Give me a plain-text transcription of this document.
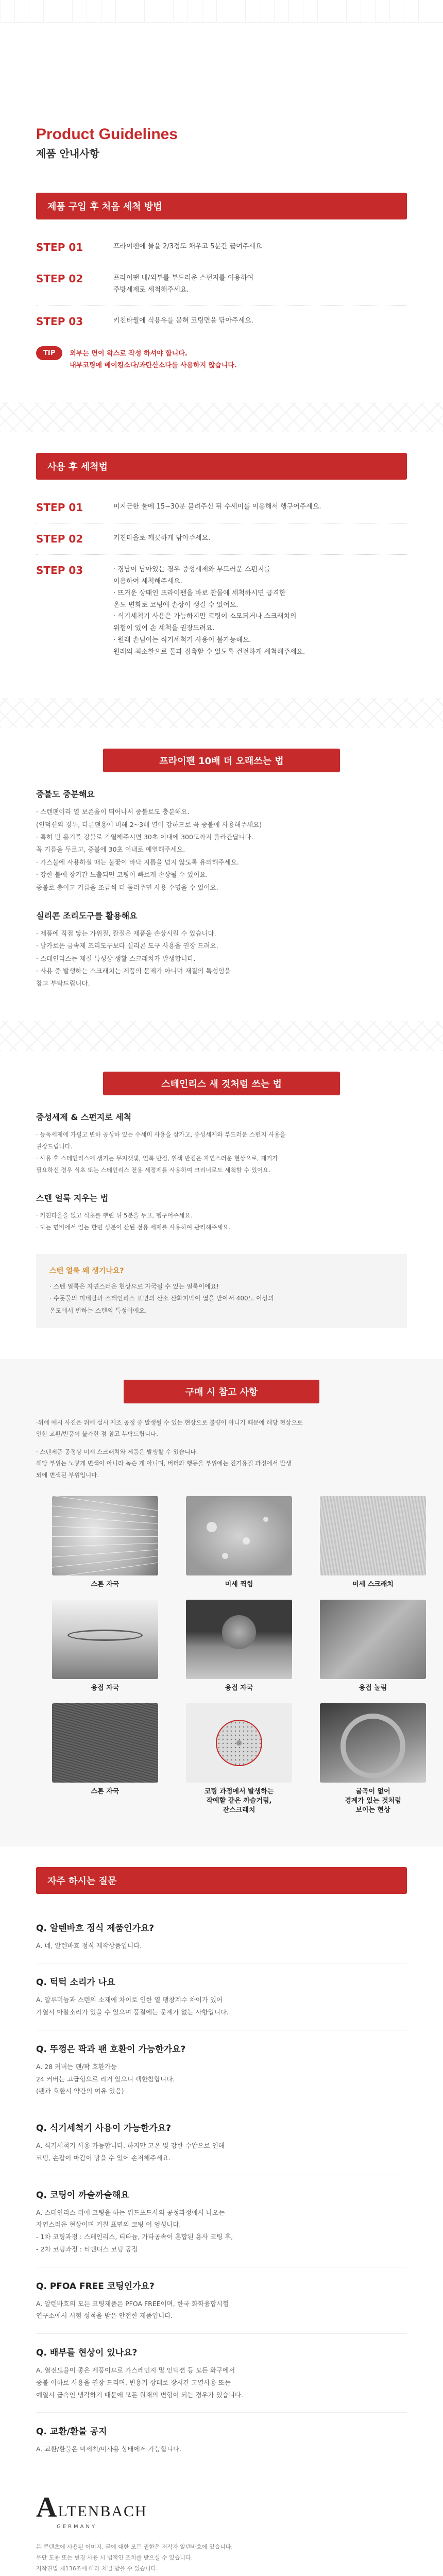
Product Guidelines
제품 안내사항
제품 구입 후 처음 세척 방법
STEP 01	프라이팬에 물을 2/3정도 채우고 5분간 끓여주세요

STEP 02	프라이팬 내/외부를 부드러운 스펀지를 이용하여

주방세제로 세척해주세요.

STEP 03	키친타월에 식용유를 묻혀 코팅면을 닦아주세요.

TIP	외부는 면이 왁스로 작성 하셔야 합니다.

내부코팅에 베이킹소다/과탄산소다를 사용하지 않습니다.

사용 후 세척법
STEP 01	미지근한 물에 15~30분 불려주신 뒤 수세미를 이용해서 헹구어주세요.

STEP 02	키친타올로 깨끗하게 닦아주세요.

STEP 03	· 경남이 남아있는 경우 중성세제와 부드러운 스펀지를

이용하여 세척해주세요.

· 뜨거운 상태인 프라이팬을 바로 찬물에 세척하시면 급격한

온도 변화로 코팅에 손상이 생길 수 있어요.

· 식기세척기 사용은 가능하지만 코팅이 소모되거나 스크래치의

위험이 있어 손 세척을 권장드려요.

· 원래 손님이는 식기세척기 사용이 불가능해요.

원래의 최소한으로 물과 접촉할 수 있도록 건전하게 세척해주세요.

프라이팬 10배 더 오래쓰는 법
중불도 중분해요

· 스텐팬이라 열 보존율이 뛰어나서 중불로도 충분해요.

(인덕션의 경우, 다른팬용에 비해 2~3배 열이 강하므로 꼭 중불에 사용해주세요)

· 특히 빈 용기를 강불로 가열해주시면 30초 이내에 300도까지 올라간답니다.

꼭 기름을 두르고, 중불에 30초 이내로 예열해주세요.

· 가스불에 사용하실 때는 불꽃이 바닥 지름을 넘지 않도록 유의해주세요.

· 강한 불에 장기간 노출되면 코팅이 빠르게 손상될 수 있어요.

중불로 충이고 기름을 조금씩 더 둘러주면 사용 수명을 수 있어요.

실리콘 조리도구를 활용해요

· 제품에 직접 닿는 가위질, 칼질은 제품을 손상시킬 수 있습니다.

· 날카로운 금속제 조리도구보다 실리콘 도구 사용을 권장 드려요.

· 스테인리스는 제질 특성상 생활 스크래치가 발생합니다.

· 사용 중 발생하는 스크래치는 제품의 문제가 아니며 재질의 특성임을

참고 부탁드립니다.

스테인리스 새 것처럼 쓰는 법
중성세제 & 스펀지로 세척

· 능독세제에 가필고 변하 공성하 있는 수세미 사용을 삼가고, 중성세제와 부드러운 스펀지 사용을

권장드립니다.

· 사용 후 스테인리스에 생기는 무지갯빛, 얼룩 반점, 흰색 반점은 자연스러운 현상으로, 제거가

필요하신 경우 식초 또는 스테인리스 전용 세정제를 사용하여 크리너로도 세척할 수 있어요.

스텐 얼룩 지우는 법

· 키친타올을 얹고 식초를 뿌린 뒤 5분을 두고, 헹구어주세요.

· 또는 면비에서 얼는 한번 성분이 산된 전용 세제를 사용하여 관리해주세요.

스텐 얼룩 왜 생기나요?

· 스텐 얼룩은 자연스러운 현상으로 자국될 수 있는 얼룩이에요!

· 수돗물의 미네랄과 스테인리스 표면의 산소 산화피막이 열을 받아서 400도 이상의

온도에서 변하는 스텐의 특성이에요.

구매 시 참고 사항

·위에 예시 사진은 위에 설시 제조 공정 중 발생될 수 있는 현상으로 불량이 아니기 때문에 해당 현상으로

인한 교환/반품이 불가한 점 참고 부탁드립니다.

· 스텐제품 공정상 미세 스크래치와 제품은 발생할 수 있습니다.

해당 부위는 노랗게 변색이 아니라 녹슨 게 아니며, 버터와 행동을 부위에는 진기용절 과정에서 발생

되에 변색된 부위입니다.

스톤 자국	미세 찍힘	미세 스크래치
용접 자국	용접 자국	용접 눌림
스톤 자국	코팅 과정에서 발생하는
작예할 같은 까슬거림,
잔스크래치
굴곡이 없어
경계가 있는 것처럼
보이는 현상
자주 하시는 질문
Q. 알텐바흐 정식 제품인가요?

A. 네, 알텐바흐 정식 제작상품입니다.

Q. 턱턱 소리가 나요

A. 알루미늄과 스텐의 소재에 차이로 인한 열 팽창계수 차이가 있어

가열시 마찰소리가 있을 수 있으며 품질에는 문제가 없는 사항입니다.

Q. 뚜껑은 팍과 팬 호환이 가능한가요?

A. 28 커버는 팬/팍 호환가능

24 커버는 고급형으로 리거 있으니 팩한참합니다.

(팬과 호환시 약간의 여유 있음)

Q. 식기세척기 사용이 가능한가요?

A. 식기세척기 사용 가능합니다. 하지만 고온 및 강한 수압으로 인해

코팅, 손잡이 마감이 망을 수 있어 손저해주세요.

Q. 코팅이 까슬까슬해요

A. 스테인리스 위에 코팅을 하는 위드포드사의 공정과정에서 나오는

자연스러운 현상이며 거칠 표면의 코팅 어 엉성니다.

- 1차 코팅과정 : 스테인리스, 티타늄, 가타공속이 혼합된 용사 코팅 후,

- 2차 코팅과정 : 티엔디스 코팅 공정

Q. PFOA FREE 코팅인가요?

A. 알텐바흐의 모든 코팅제품은 PFOA FREE이며, 한국 화학융합시험

연구소에서 시험 성적을 받은 안전한 제품입니다.

Q. 배부를 현상이 있나요?

A. 열전도율이 좋은 제품이므로 가스레인지 및 인덕션 등 모든 화구에서

중불 이하로 사용을 권장 드리며, 빈용기 상태로 장시간 고열사용 또는

예열시 급속인 냉각하기 때문에 모든 원재의 변형이 되는 경우가 있습니다.

Q. 교환/환불 공지

A. 교환/환불은 미세척/미사용 상태에서 가능합니다.

A LTENBACH
GERMANY

본 콘텐츠에 사용된 이미지, 글에 대한 모든 권한은 저작자 알텐바흐에 있습니다.

무단 도용 또는 변경 사용 시 법적인 조치를 받으실 수 있습니다.

저작권법 제136조에 따라 처벌 받을 수 있습니다.
